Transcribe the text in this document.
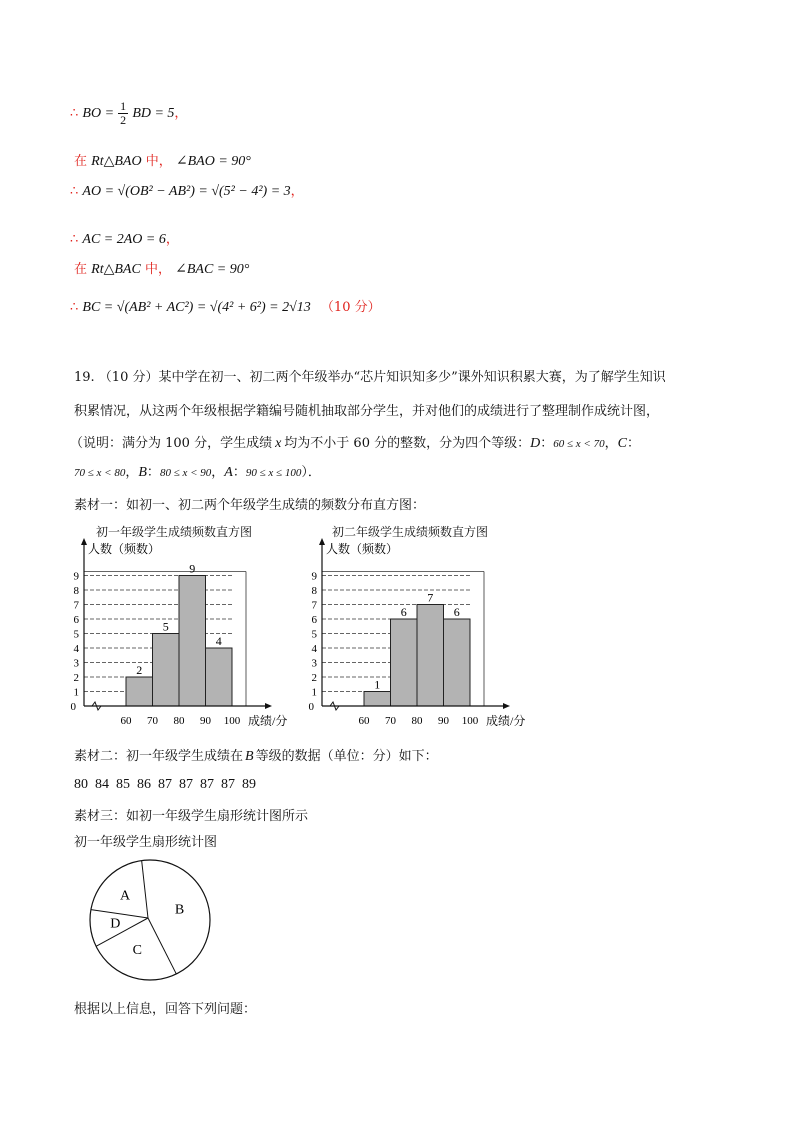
∴ BO = $\frac{1}{2}$ BD = 5，
在 Rt△BAO 中， ∠BAO = 90°
∴ AO = √(OB² − AB²) = √(5² − 4²) = 3，
∴ AC = 2AO = 6，
在 Rt△BAC 中， ∠BAC = 90°
∴ BC = √(AB² + AC²) = √(4² + 6²) = 2√13 （10 分）
19. （10 分）某中学在初一、初二两个年级举办“芯片知识知多少”课外知识积累大赛，为了解学生知识
积累情况，从这两个年级根据学籍编号随机抽取部分学生，并对他们的成绩进行了整理制作成统计图，
（说明：满分为 100 分，学生成绩 x 均为不小于 60 分的整数，分为四个等级：D：60 ≤ x < 70，C：
70 ≤ x < 80，B：80 ≤ x < 90，A：90 ≤ x ≤ 100）．
素材一：如初一、初二两个年级学生成绩的频数分布直方图：
初一年级学生成绩频数直方图
1
2
3
4
5
6
7
8
9
2
5
9
4
60 70 80 90 100
0
人数（频数）
成绩/分
初二年级学生成绩频数直方图
1
2
3
4
5
6
7
8
9
1
6
7
6
60 70 80 90 100
0
人数（频数）
成绩/分
素材二：初一年级学生成绩在 B 等级的数据（单位：分）如下：
80  84  85  86  87  87  87  87  89
素材三：如初一年级学生扇形统计图所示
初一年级学生扇形统计图
A
B
C
D
根据以上信息，回答下列问题：
